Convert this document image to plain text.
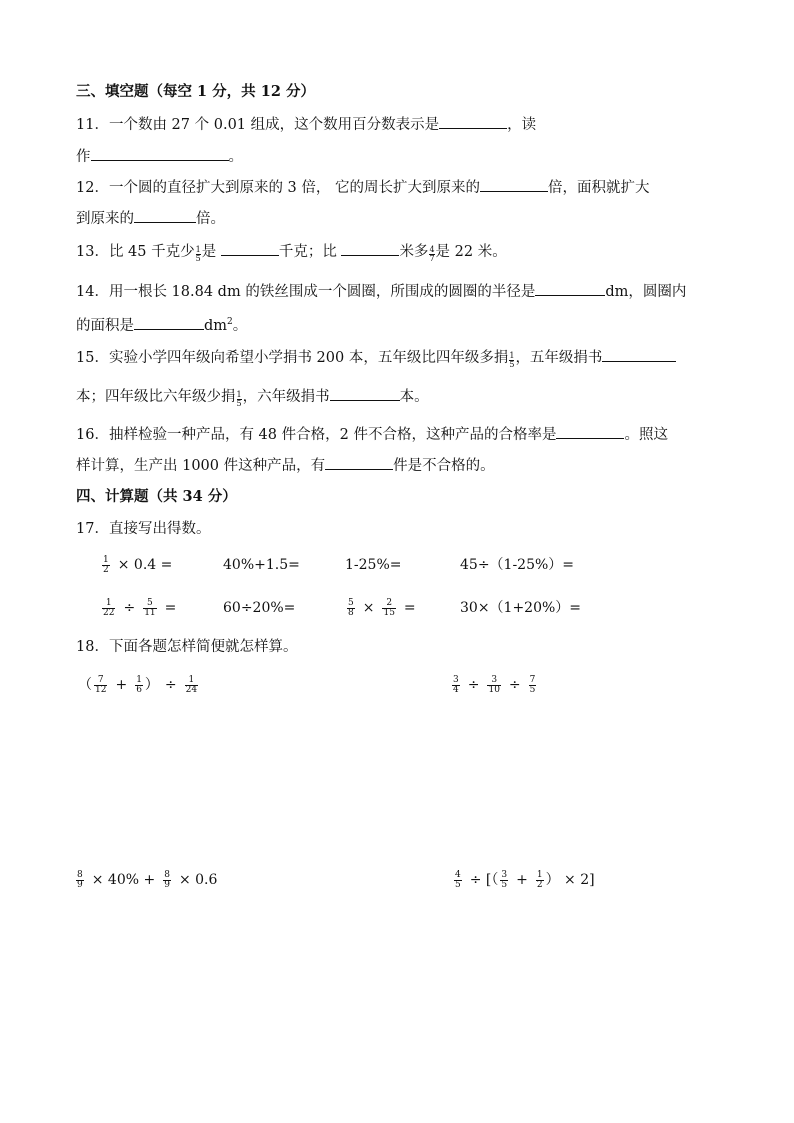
三、填空题（每空 1 分，共 12 分）
11．一个数由 27 个 0.01 组成，这个数用百分数表示是	，读
作	。
12．一个圆的直径扩大到原来的 3 倍， 它的周长扩大到原来的	倍，面积就扩大
到原来的	倍。
13．比 45 千克少 $\frac{1}{5}$ 是	千克；比	米多 $\frac{4}{7}$ 是 22 米。
14．用一根长 18.84 dm 的铁丝围成一个圆圈，所围成的圆圈的半径是	dm，圆圈内
的面积是	$dm^2$。
15．实验小学四年级向希望小学捐书 200 本，五年级比四年级多捐 $\frac{1}{5}$ ，五年级捐书
本；四年级比六年级少捐 $\frac{1}{5}$ ，六年级捐书	本。
16．抽样检验一种产品，有 48 件合格，2 件不合格，这种产品的合格率是	。照这
样计算，生产出 1000 件这种产品，有	件是不合格的。
四、计算题（共 34 分）
17．直接写出得数。
$\frac{1}{2} \times 0.4$ =	40%+1.5=	1-25%=	45÷（1-25%）=
$\frac{1}{22} \div \frac{5}{11}$ =	60÷20%=	$\frac{5}{8} \times \frac{2}{15}$ =	30×（1+20%）=
18．下面各题怎样简便就怎样算。
（ $\frac{7}{12} + \frac{1}{6}$ ） ÷ $\frac{1}{24}$	$\frac{3}{4} \div \frac{3}{10} \div \frac{7}{5}$
$\frac{8}{9} \times 40\% + \frac{8}{9} \times 0.6$	$\frac{4}{5}$ ÷ [（ $\frac{3}{5} + \frac{1}{2}$ ） × 2]
